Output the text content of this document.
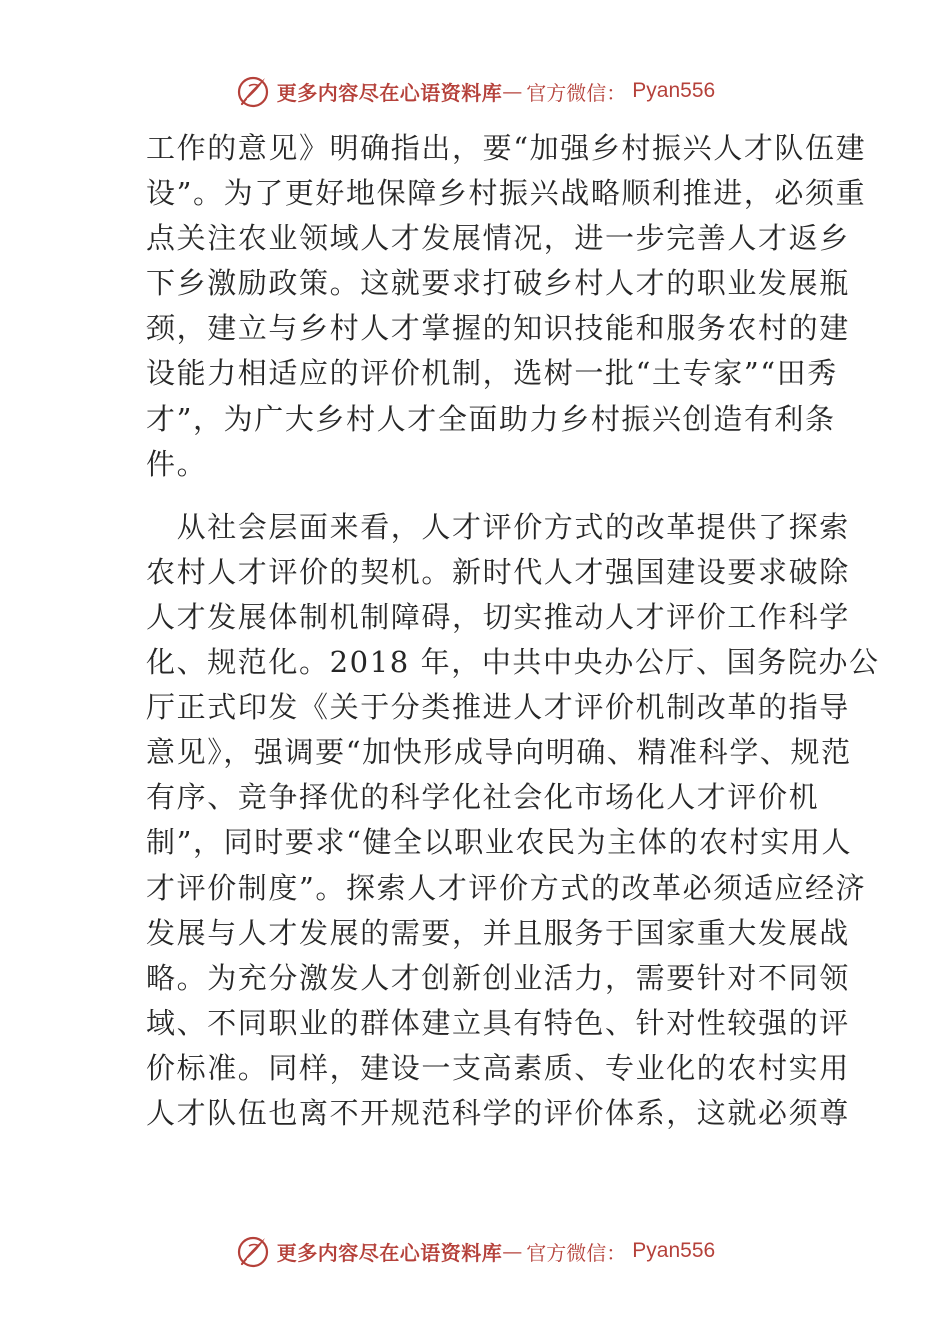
更多内容尽在心语资料库 — 官方微信： Pyan556

工作的意见》明确指出，要“加强乡村振兴人才队伍建
设”。为了更好地保障乡村振兴战略顺利推进，必须重
点关注农业领域人才发展情况，进一步完善人才返乡
下乡激励政策。这就要求打破乡村人才的职业发展瓶
颈，建立与乡村人才掌握的知识技能和服务农村的建
设能力相适应的评价机制，选树一批“土专家”“田秀
才”，为广大乡村人才全面助力乡村振兴创造有利条
件。

　从社会层面来看，人才评价方式的改革提供了探索
农村人才评价的契机。新时代人才强国建设要求破除
人才发展体制机制障碍，切实推动人才评价工作科学
化、规范化。2018 年，中共中央办公厅、国务院办公
厅正式印发《关于分类推进人才评价机制改革的指导
意见》，强调要“加快形成导向明确、精准科学、规范
有序、竞争择优的科学化社会化市场化人才评价机
制”，同时要求“健全以职业农民为主体的农村实用人
才评价制度”。探索人才评价方式的改革必须适应经济
发展与人才发展的需要，并且服务于国家重大发展战
略。为充分激发人才创新创业活力，需要针对不同领
域、不同职业的群体建立具有特色、针对性较强的评
价标准。同样，建设一支高素质、专业化的农村实用
人才队伍也离不开规范科学的评价体系，这就必须尊

更多内容尽在心语资料库 — 官方微信： Pyan556
